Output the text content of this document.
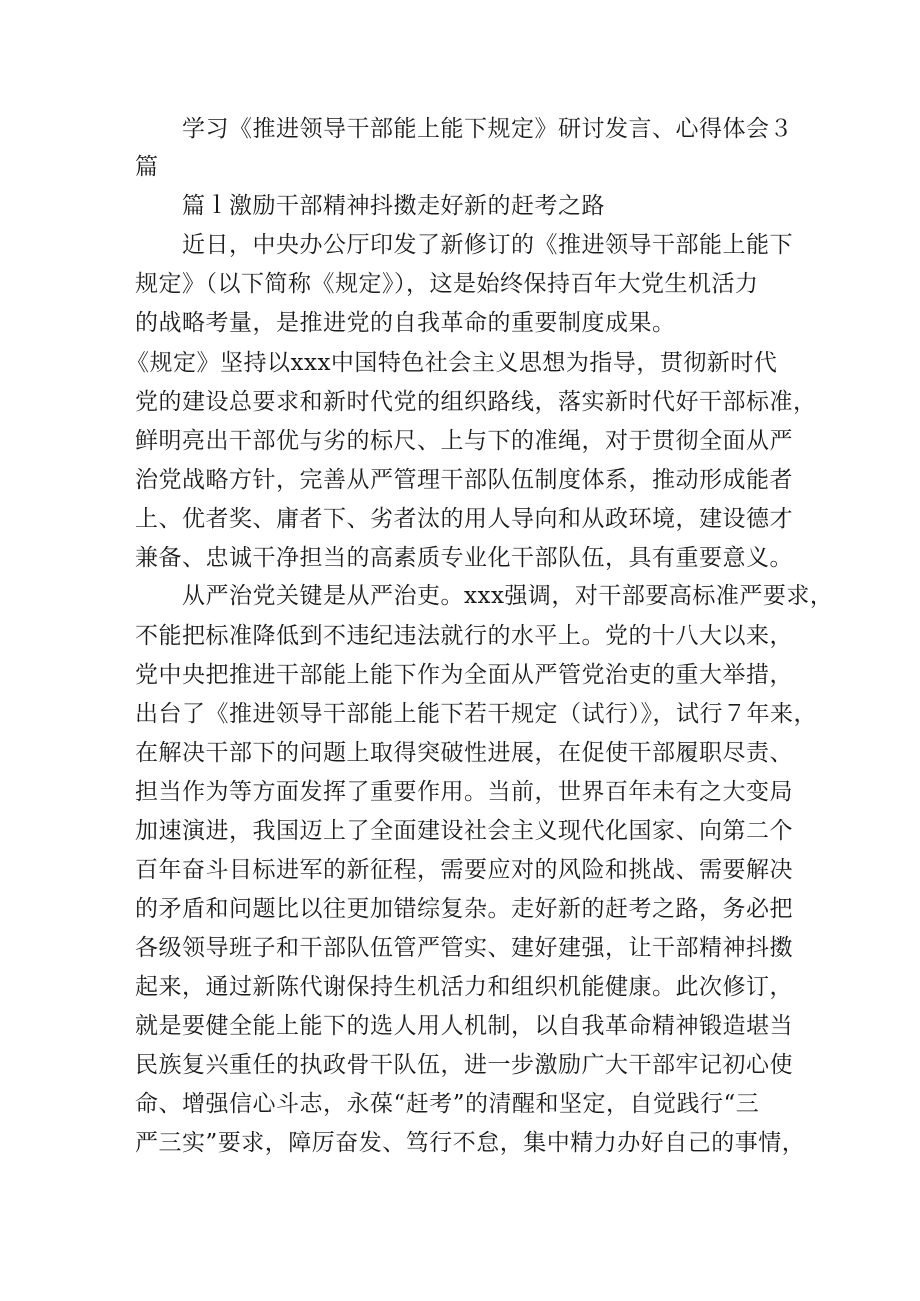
学习《推进领导干部能上能下规定》研讨发言、心得体会３
篇
篇ｌ激励干部精神抖擞走好新的赶考之路
近日，中央办公厅印发了新修订的《推进领导干部能上能下
规定》（以下简称《规定》），这是始终保持百年大党生机活力
的战略考量，是推进党的自我革命的重要制度成果。
《规定》坚持以xxx中国特色社会主义思想为指导，贯彻新时代
党的建设总要求和新时代党的组织路线，落实新时代好干部标准，
鲜明亮出干部优与劣的标尺、上与下的准绳，对于贯彻全面从严
治党战略方针，完善从严管理干部队伍制度体系，推动形成能者
上、优者奖、庸者下、劣者汰的用人导向和从政环境，建设德才
兼备、忠诚干净担当的高素质专业化干部队伍，具有重要意义。
从严治党关键是从严治吏。xxx强调，对干部要高标准严要求，
不能把标准降低到不违纪违法就行的水平上。党的十八大以来，
党中央把推进干部能上能下作为全面从严管党治吏的重大举措，
出台了《推进领导干部能上能下若干规定（试行）》，试行７年来，
在解决干部下的问题上取得突破性进展，在促使干部履职尽责、
担当作为等方面发挥了重要作用。当前，世界百年未有之大变局
加速演进，我国迈上了全面建设社会主义现代化国家、向第二个
百年奋斗目标进军的新征程，需要应对的风险和挑战、需要解决
的矛盾和问题比以往更加错综复杂。走好新的赶考之路，务必把
各级领导班子和干部队伍管严管实、建好建强，让干部精神抖擞
起来，通过新陈代谢保持生机活力和组织机能健康。此次修订，
就是要健全能上能下的选人用人机制，以自我革命精神锻造堪当
民族复兴重任的执政骨干队伍，进一步激励广大干部牢记初心使
命、增强信心斗志，永葆“赶考”的清醒和坚定，自觉践行“三
严三实”要求，障厉奋发、笃行不怠，集中精力办好自己的事情，
